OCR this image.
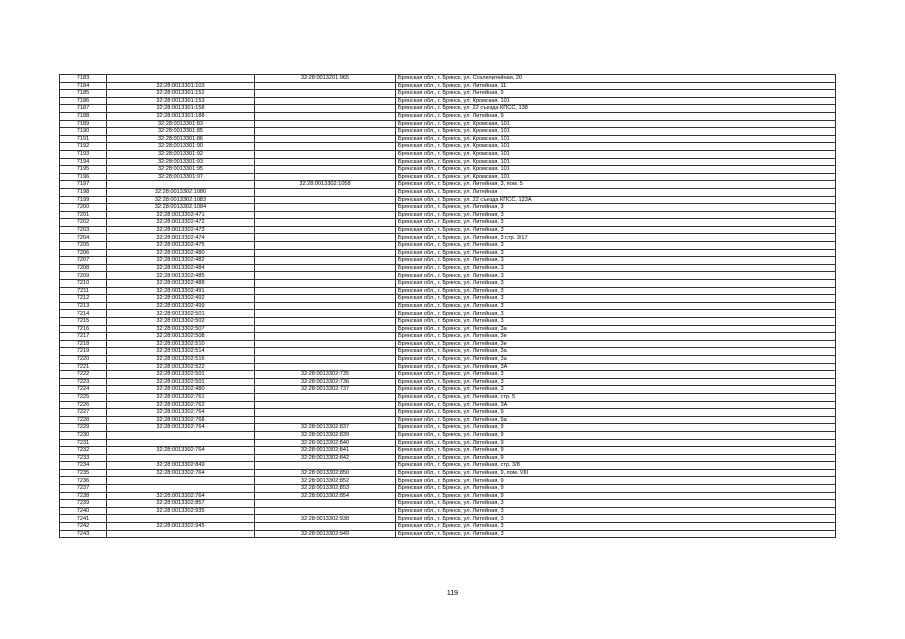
7183		32:28:0013201:965	Брянская обл., г. Брянск, ул. Сталелитейная, 20
7184	32:28:0013301:103		Брянская обл., г. Брянск, ул. Литейная, 11
7185	32:28:0013301:152		Брянская обл., г. Брянск, ул. Литейная, 9
7186	32:28:0013301:153		Брянская обл., г. Брянск, ул. Кромская, 101
7187	32:28:0013301:158		Брянская обл., г. Брянск, ул. 22 съезда КПСС, 138
7188	32:28:0013301:188		Брянская обл., г. Брянск, ул. Литейная, 9
7189	32:28:0013301:83		Брянская обл., г. Брянск, ул. Кромская, 101
7190	32:28:0013301:85		Брянская обл., г. Брянск, ул. Кромская, 101
7191	32:28:0013301:86		Брянская обл., г. Брянск, ул. Кромская, 101
7192	32:28:0013301:90		Брянская обл., г. Брянск, ул. Кромская, 101
7193	32:28:0013301:92		Брянская обл., г. Брянск, ул. Кромская, 101
7194	32:28:0013301:93		Брянская обл., г. Брянск, ул. Кромская, 101
7195	32:28:0013301:95		Брянская обл., г. Брянск, ул. Кромская, 101
7196	32:28:0013301:97		Брянская обл., г. Брянск, ул. Кромская, 101
7197		32:28:0013302:1058	Брянская обл., г. Брянск, ул. Литейная, 3, пом. 5
7198	32:28:0013302:1080		Брянская обл., г. Брянск, ул. Литейная
7199	32:28:0013302:1083		Брянская обл., г. Брянск, ул. 22 съезда КПСС, 123А
7200	32:28:0013302:1084		Брянская обл., г. Брянск, ул. Литейная, 3
7201	32:28:0013302:471		Брянская обл., г. Брянск, ул. Литейная, 3
7202	32:28:0013302:472		Брянская обл., г. Брянск, ул. Литейная, 3
7203	32:28:0013302:473		Брянская обл., г. Брянск, ул. Литейная, 3
7204	32:28:0013302:474		Брянская обл., г. Брянск, ул. Литейная, 3 стр. 3/17
7205	32:28:0013302:475		Брянская обл., г. Брянск, ул. Литейная, 3
7206	32:28:0013302:480		Брянская обл., г. Брянск, ул. Литейная, 3
7207	32:28:0013302:482		Брянская обл., г. Брянск, ул. Литейная, 3
7208	32:28:0013302:484		Брянская обл., г. Брянск, ул. Литейная, 3
7209	32:28:0013302:485		Брянская обл., г. Брянск, ул. Литейная, 3
7210	32:28:0013302:488		Брянская обл., г. Брянск, ул. Литейная, 3
7211	32:28:0013302:491		Брянская обл., г. Брянск, ул. Литейная, 3
7212	32:28:0013302:492		Брянская обл., г. Брянск, ул. Литейная, 3
7213	32:28:0013302:499		Брянская обл., г. Брянск, ул. Литейная, 3
7214	32:28:0013302:501		Брянская обл., г. Брянск, ул. Литейная, 3
7215	32:28:0013302:502		Брянская обл., г. Брянск, ул. Литейная, 3
7216	32:28:0013302:507		Брянская обл., г. Брянск, ул. Литейная, 3а
7217	32:28:0013302:508		Брянская обл., г. Брянск, ул. Литейная, 3е
7218	32:28:0013302:510		Брянская обл., г. Брянск, ул. Литейная, 3е
7219	32:28:0013302:514		Брянская обл., г. Брянск, ул. Литейная, 3а
7220	32:28:0013302:516		Брянская обл., г. Брянск, ул. Литейная, 3а
7221	32:28:0013302:522		Брянская обл., г. Брянск, ул. Литейная, 3А
7222	32:28:0013302:501	32:28:0013302:735	Брянская обл., г. Брянск, ул. Литейная, 3
7223	32:28:0013302:501	32:28:0013302:736	Брянская обл., г. Брянск, ул. Литейная, 3
7224	32:28:0013302:480	32:28:0013302:737	Брянская обл., г. Брянск, ул. Литейная, 3
7225	32:28:0013302:761		Брянская обл., г. Брянск, ул. Литейная, стр. 5
7226	32:28:0013302:762		Брянская обл., г. Брянск, ул. Литейная, 3А
7227	32:28:0013302:764		Брянская обл., г. Брянск, ул. Литейная, 9
7228	32:28:0013302:768		Брянская обл., г. Брянск, ул. Литейная, 9а
7229	32:28:0013302:764	32:28:0013302:837	Брянская обл., г. Брянск, ул. Литейная, 9
7230		32:28:0013302:839	Брянская обл., г. Брянск, ул. Литейная, 9
7231		32:28:0013302:840	Брянская обл., г. Брянск, ул. Литейная, 9
7232	32:28:0013302:764	32:28:0013302:841	Брянская обл., г. Брянск, ул. Литейная, 9
7233		32:28:0013302:842	Брянская обл., г. Брянск, ул. Литейная, 9
7234	32:28:0013302:849		Брянская обл., г. Брянск, ул. Литейная, стр. 3/8
7235	32:28:0013302:764	32:28:0013302:850	Брянская обл., г. Брянск, ул. Литейная, 9, пом. VIII
7236		32:28:0013302:852	Брянская обл., г. Брянск, ул. Литейная, 9
7237		32:28:0013302:853	Брянская обл., г. Брянск, ул. Литейная, 9
7238	32:28:0013302:764	32:28:0013302:854	Брянская обл., г. Брянск, ул. Литейная, 9
7239	32:28:0013302:857		Брянская обл., г. Брянск, ул. Литейная, 3
7240	32:28:0013302:935		Брянская обл., г. Брянск, ул. Литейная, 3
7241		32:28:0013302:938	Брянская обл., г. Брянск, ул. Литейная, 3
7242	32:28:0013302:945		Брянская обл., г. Брянск, ул. Литейная, 3
7243		32:28:0013302:949	Брянская обл., г. Брянск, ул. Литейная, 3
119
